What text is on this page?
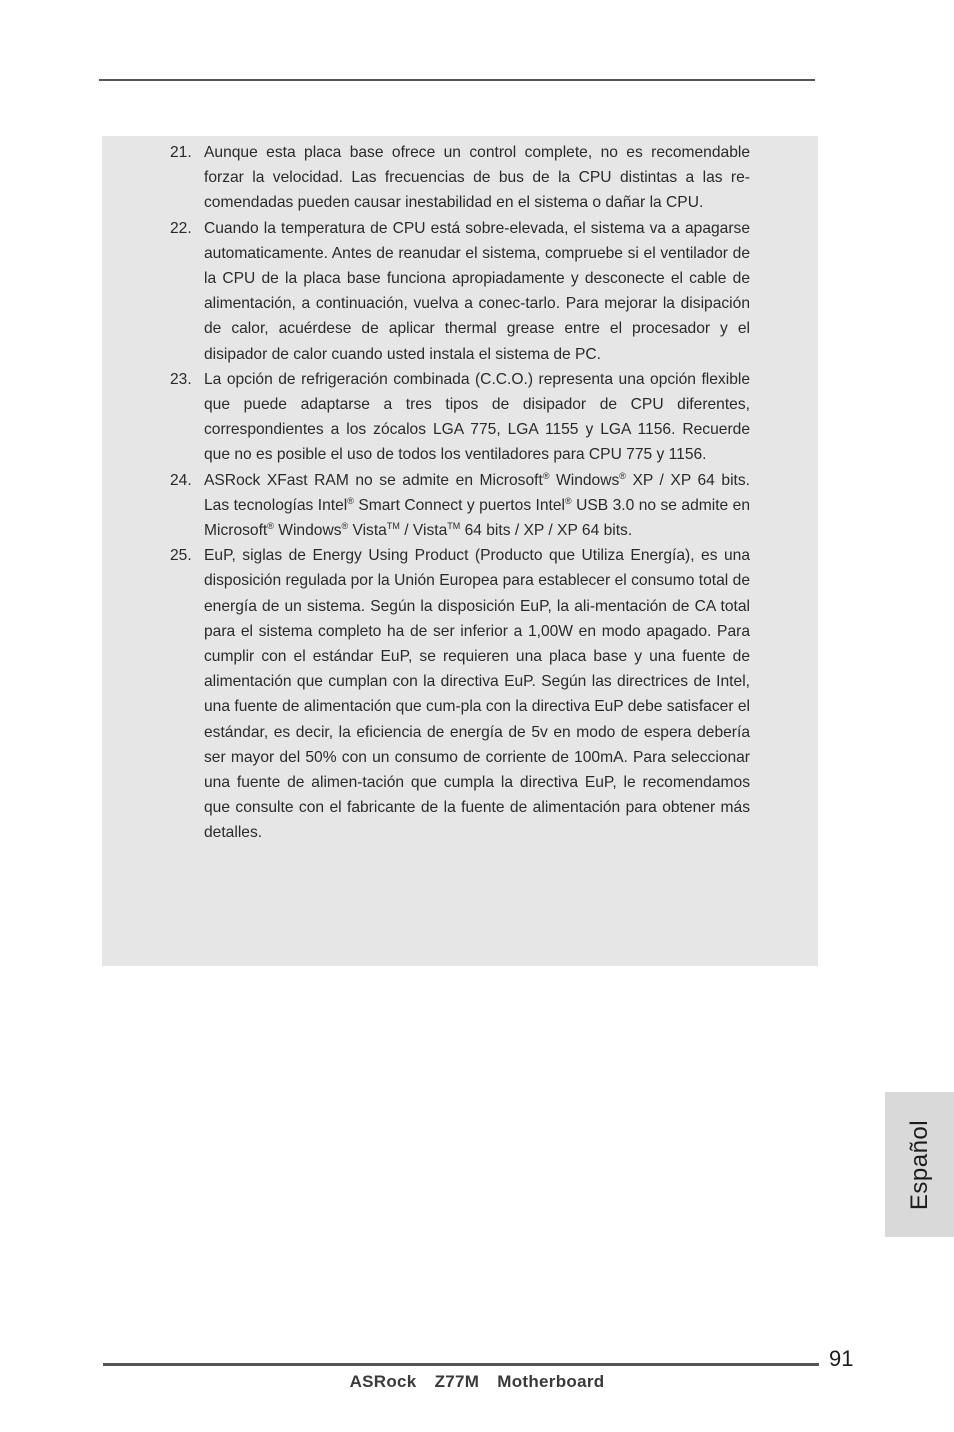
21. Aunque esta placa base ofrece un control complete, no es recomendable forzar la velocidad. Las frecuencias de bus de la CPU distintas a las re-comendadas pueden causar inestabilidad en el sistema o dañar la CPU.
22. Cuando la temperatura de CPU está sobre-elevada, el sistema va a apagarse automaticamente. Antes de reanudar el sistema, compruebe si el ventilador de la CPU de la placa base funciona apropiadamente y desconecte el cable de alimentación, a continuación, vuelva a conec-tarlo. Para mejorar la disipación de calor, acuérdese de aplicar thermal grease entre el procesador y el disipador de calor cuando usted instala el sistema de PC.
23. La opción de refrigeración combinada (C.C.O.) representa una opción flexible que puede adaptarse a tres tipos de disipador de CPU diferentes, correspondientes a los zócalos LGA 775, LGA 1155 y LGA 1156. Recuerde que no es posible el uso de todos los ventiladores para CPU 775 y 1156.
24. ASRock XFast RAM no se admite en Microsoft® Windows® XP / XP 64 bits. Las tecnologías Intel® Smart Connect y puertos Intel® USB 3.0 no se admite en Microsoft® Windows® Vista™ / Vista™ 64 bits / XP / XP 64 bits.
25. EuP, siglas de Energy Using Product (Producto que Utiliza Energía), es una disposición regulada por la Unión Europea para establecer el consumo total de energía de un sistema. Según la disposición EuP, la ali-mentación de CA total para el sistema completo ha de ser inferior a 1,00W en modo apagado. Para cumplir con el estándar EuP, se requieren una placa base y una fuente de alimentación que cumplan con la directiva EuP. Según las directrices de Intel, una fuente de alimentación que cum-pla con la directiva EuP debe satisfacer el estándar, es decir, la eficiencia de energía de 5v en modo de espera debería ser mayor del 50% con un consumo de corriente de 100mA. Para seleccionar una fuente de alimen-tación que cumpla la directiva EuP, le recomendamos que consulte con el fabricante de la fuente de alimentación para obtener más detalles.
Español
91
ASRock Z77M Motherboard
